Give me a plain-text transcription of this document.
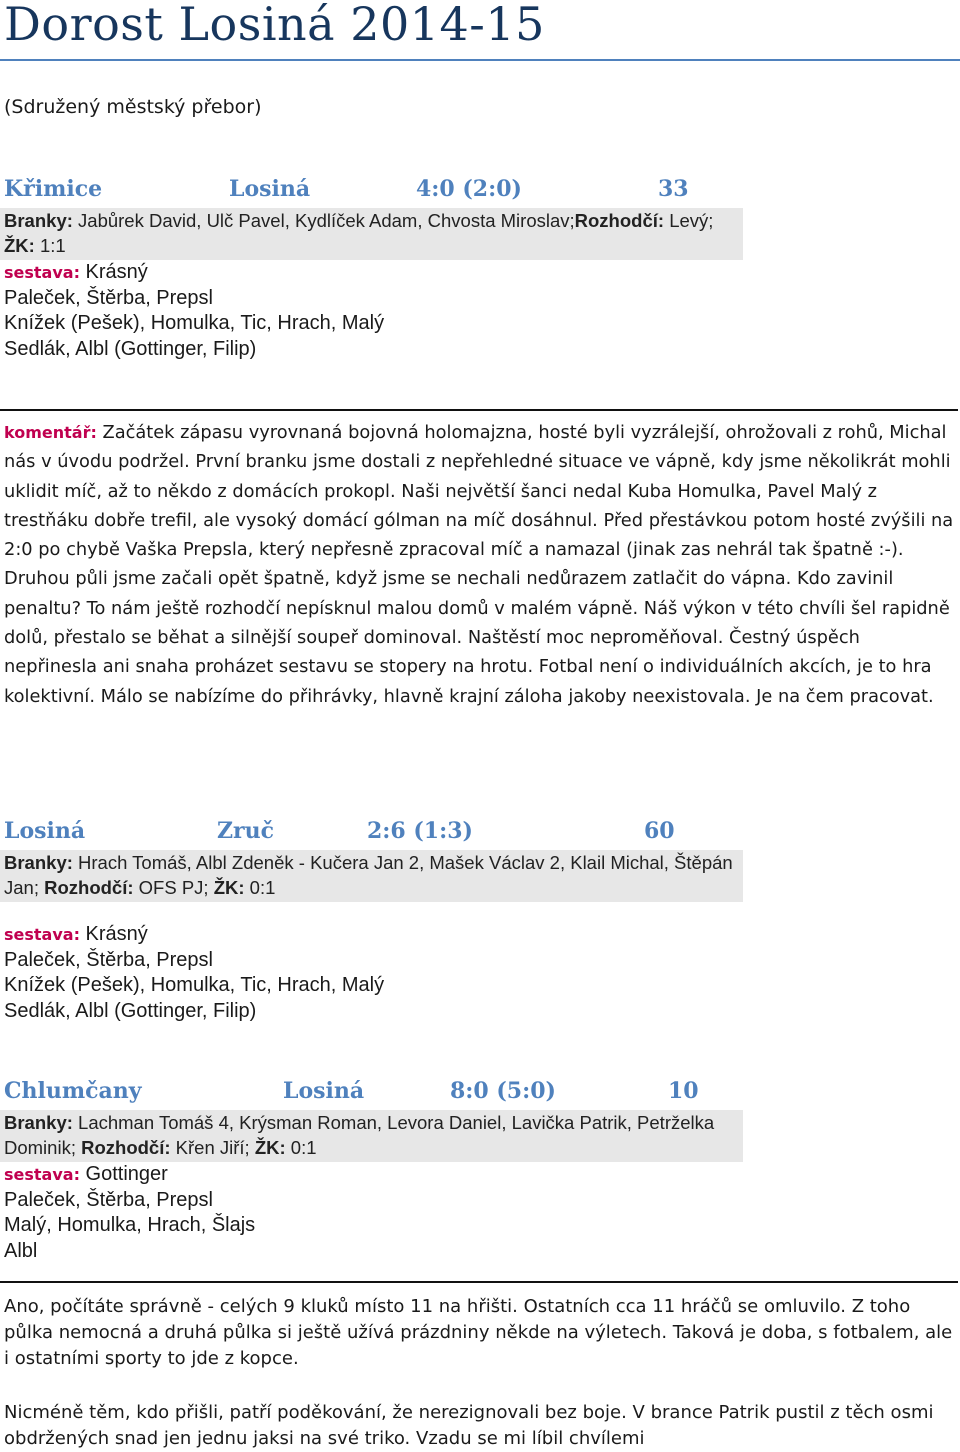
Dorost Losiná 2014-15
(Sdružený městský přebor)
Křimice	Losiná	4:0 (2:0)	33
Branky: Jabůrek David, Ulč Pavel, Kydlíček Adam, Chvosta Miroslav;Rozhodčí: Levý; ŽK: 1:1
sestava: Krásný
Paleček, Štěrba, Prepsl
Knížek (Pešek), Homulka, Tic, Hrach, Malý
Sedlák, Albl (Gottinger, Filip)
komentář: Začátek zápasu vyrovnaná bojovná holomajzna, hosté byli vyzrálejší, ohrožovali z rohů, Michal nás v úvodu podržel. První branku jsme dostali z nepřehledné situace ve vápně, kdy jsme několikrát mohli uklidit míč, až to někdo z domácích prokopl. Naši největší šanci nedal Kuba Homulka, Pavel Malý z trestňáku dobře trefil, ale vysoký domácí gólman na míč dosáhnul. Před přestávkou potom hosté zvýšili na 2:0 po chybě Vaška Prepsla, který nepřesně zpracoval míč a namazal (jinak zas nehrál tak špatně :-). Druhou půli jsme začali opět špatně, když jsme se nechali nedůrazem zatlačit do vápna. Kdo zavinil penaltu? To nám ještě rozhodčí nepísknul malou domů v malém vápně. Náš výkon v této chvíli šel rapidně dolů, přestalo se běhat a silnější soupeř dominoval. Naštěstí moc neproměňoval. Čestný úspěch nepřinesla ani snaha proházet sestavu se stopery na hrotu. Fotbal není o individuálních akcích, je to hra kolektivní. Málo se nabízíme do přihrávky, hlavně krajní záloha jakoby neexistovala. Je na čem pracovat.
Losiná	Zruč	2:6 (1:3)	60
Branky: Hrach Tomáš, Albl Zdeněk - Kučera Jan 2, Mašek Václav 2, Klail Michal, Štěpán Jan; Rozhodčí: OFS PJ; ŽK: 0:1
sestava: Krásný
Paleček, Štěrba, Prepsl
Knížek (Pešek), Homulka, Tic, Hrach, Malý
Sedlák, Albl (Gottinger, Filip)
Chlumčany	Losiná	8:0 (5:0)	10
Branky: Lachman Tomáš 4, Krýsman Roman, Levora Daniel, Lavička Patrik, Petrželka Dominik; Rozhodčí: Křen Jiří; ŽK: 0:1
sestava: Gottinger
Paleček, Štěrba, Prepsl
Malý, Homulka, Hrach, Šlajs
Albl
Ano, počítáte správně - celých 9 kluků místo 11 na hřišti. Ostatních cca 11 hráčů se omluvilo. Z toho půlka nemocná a druhá půlka si ještě užívá prázdniny někde na výletech. Taková je doba, s fotbalem, ale i ostatními sporty to jde z kopce.
Nicméně těm, kdo přišli, patří poděkování, že nerezignovali bez boje. V brance Patrik pustil z těch osmi obdržených snad jen jednu jaksi na své triko. Vzadu se mi líbil chvílemi
